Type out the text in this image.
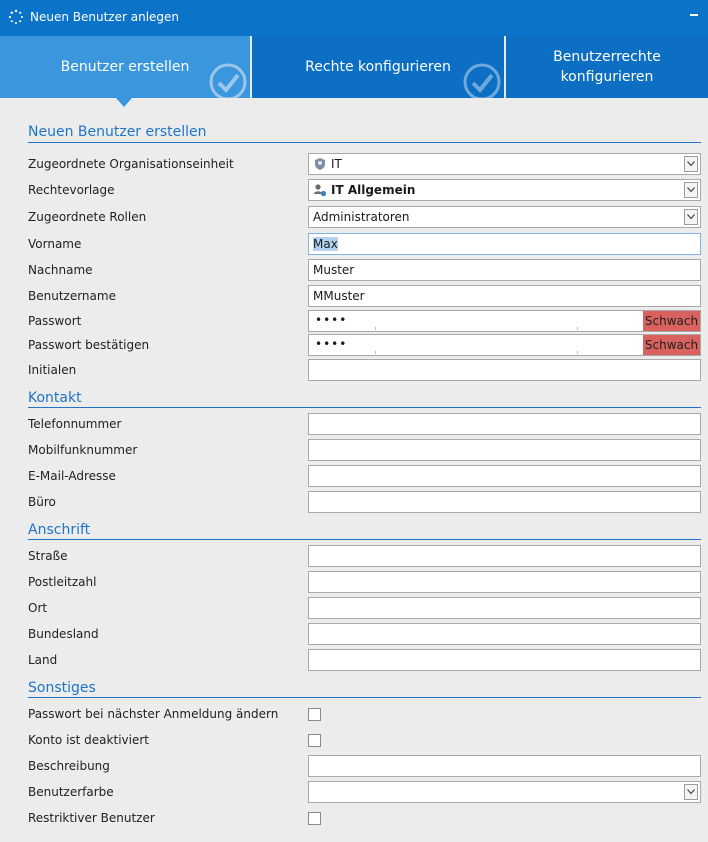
Neuen Benutzer anlegen
Benutzer erstellen	Rechte konfigurieren
Benutzerrechte konfigurieren
Neuen Benutzer erstellen
Zugeordnete Organisationseinheit	IT
Rechtevorlage	IT Allgemein
Zugeordnete Rollen	Administratoren
Vorname	Max
Nachname	Muster
Benutzername	MMuster
Passwort	••••	Schwach
Passwort bestätigen	••••	Schwach
Initialen
Kontakt
Telefonnummer
Mobilfunknummer
E-Mail-Adresse
Büro
Anschrift
Straße
Postleitzahl
Ort
Bundesland
Land
Sonstiges
Passwort bei nächster Anmeldung ändern
Konto ist deaktiviert
Beschreibung
Benutzerfarbe
Restriktiver Benutzer
